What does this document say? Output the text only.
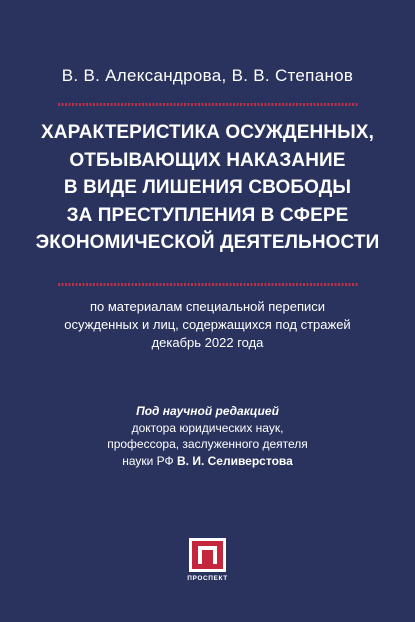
В. В. Александрова, В. В. Степанов
ХАРАКТЕРИСТИКА ОСУЖДЕННЫХ,
ОТБЫВАЮЩИХ НАКАЗАНИЕ
В ВИДЕ ЛИШЕНИЯ СВОБОДЫ
ЗА ПРЕСТУПЛЕНИЯ В СФЕРЕ
ЭКОНОМИЧЕСКОЙ ДЕЯТЕЛЬНОСТИ
по материалам специальной переписи
осужденных и лиц, содержащихся под стражей
декабрь 2022 года
Под научной редакцией
доктора юридических наук,
профессора, заслуженного деятеля
науки РФ В. И. Селиверстова
ПРОСПЕКТ
